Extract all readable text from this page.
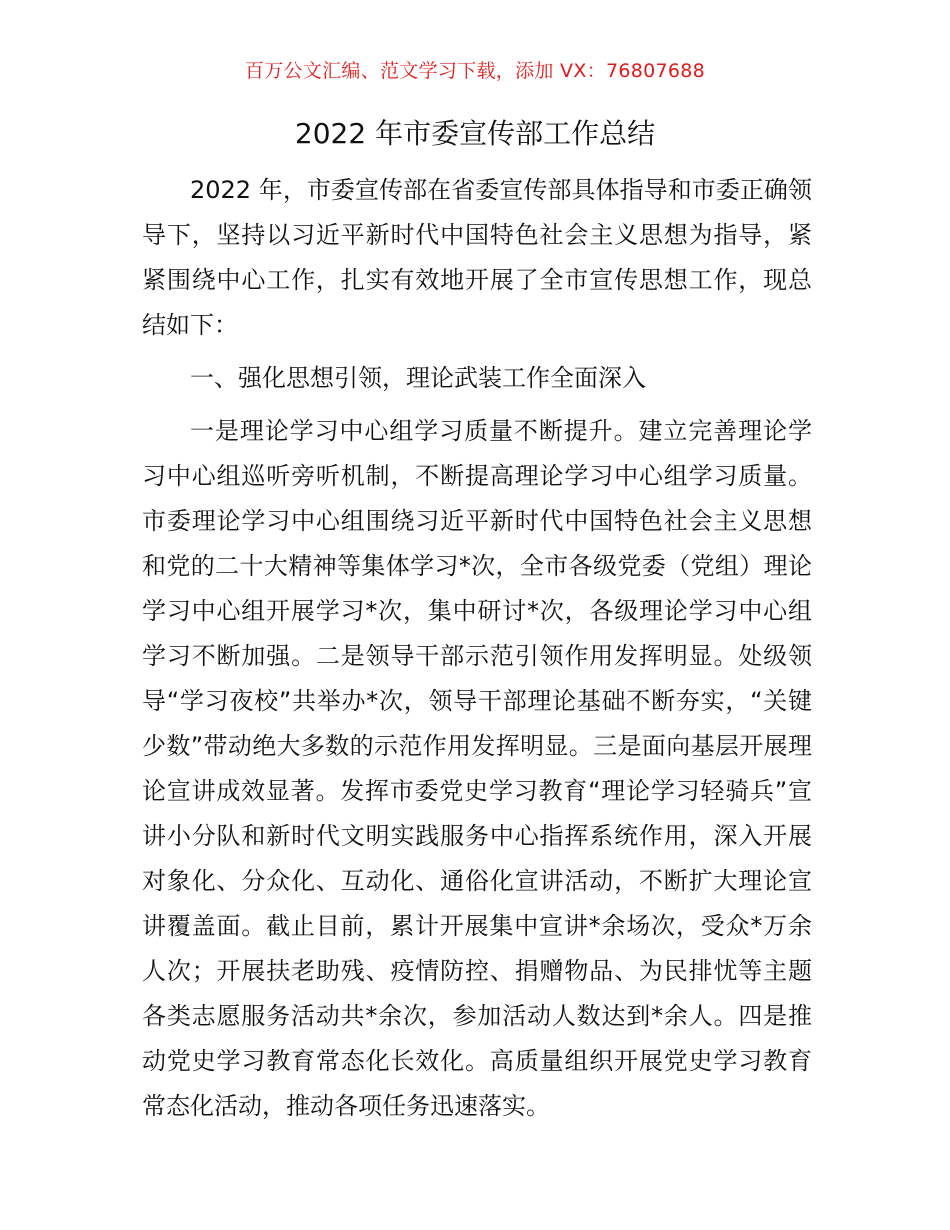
百万公文汇编、范文学习下载，添加 VX：76807688
2022 年市委宣传部工作总结

2022 年，市委宣传部在省委宣传部具体指导和市委正确领导下，坚持以习近平新时代中国特色社会主义思想为指导，紧紧围绕中心工作，扎实有效地开展了全市宣传思想工作，现总结如下：

一、强化思想引领，理论武装工作全面深入

一是理论学习中心组学习质量不断提升。建立完善理论学习中心组巡听旁听机制，不断提高理论学习中心组学习质量。市委理论学习中心组围绕习近平新时代中国特色社会主义思想和党的二十大精神等集体学习*次，全市各级党委（党组）理论学习中心组开展学习*次，集中研讨*次，各级理论学习中心组学习不断加强。二是领导干部示范引领作用发挥明显。处级领导“学习夜校”共举办*次，领导干部理论基础不断夯实，“关键少数”带动绝大多数的示范作用发挥明显。三是面向基层开展理论宣讲成效显著。发挥市委党史学习教育“理论学习轻骑兵”宣讲小分队和新时代文明实践服务中心指挥系统作用，深入开展对象化、分众化、互动化、通俗化宣讲活动，不断扩大理论宣讲覆盖面。截止目前，累计开展集中宣讲*余场次，受众*万余人次；开展扶老助残、疫情防控、捐赠物品、为民排忧等主题各类志愿服务活动共*余次，参加活动人数达到*余人。四是推动党史学习教育常态化长效化。高质量组织开展党史学习教育常态化活动，推动各项任务迅速落实。
